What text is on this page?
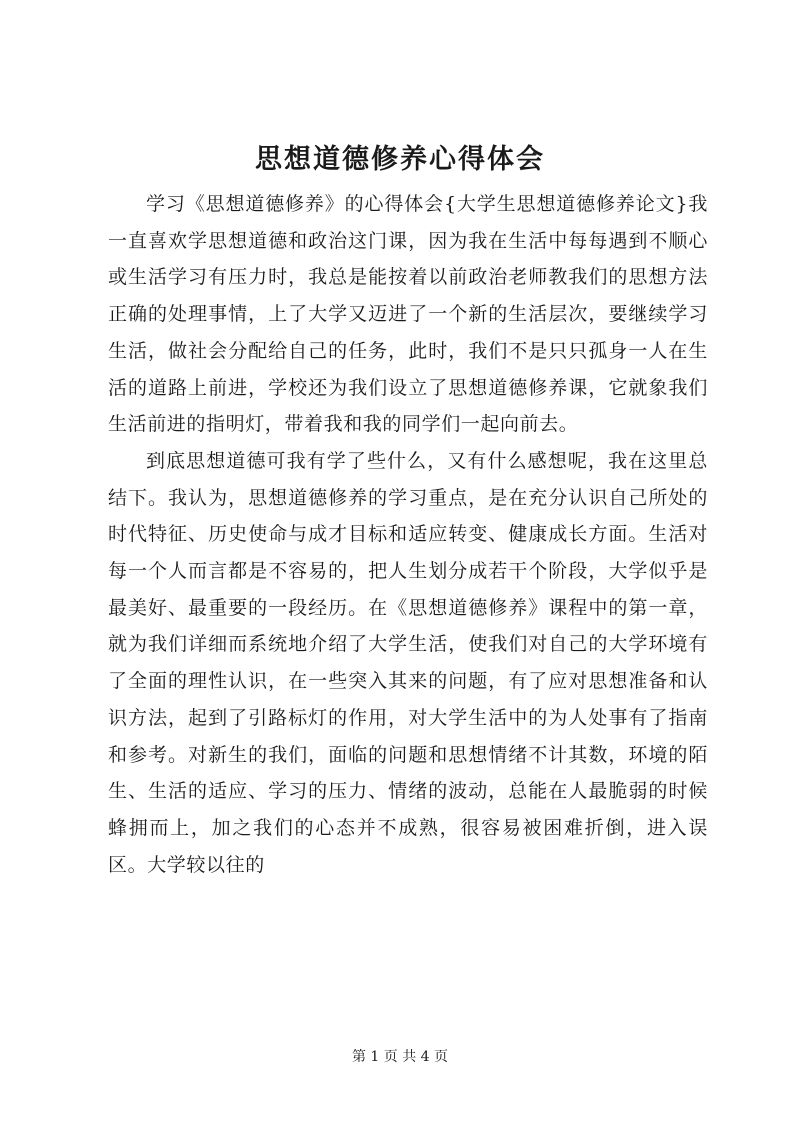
思想道德修养心得体会

学习《思想道德修养》的心得体会{大学生思想道德修养论文}我一直喜欢学思想道德和政治这门课，因为我在生活中每每遇到不顺心或生活学习有压力时，我总是能按着以前政治老师教我们的思想方法正确的处理事情，上了大学又迈进了一个新的生活层次，要继续学习生活，做社会分配给自己的任务，此时，我们不是只只孤身一人在生活的道路上前进，学校还为我们设立了思想道德修养课，它就象我们生活前进的指明灯，带着我和我的同学们一起向前去。

到底思想道德可我有学了些什么，又有什么感想呢，我在这里总结下。我认为，思想道德修养的学习重点，是在充分认识自己所处的时代特征、历史使命与成才目标和适应转变、健康成长方面。生活对每一个人而言都是不容易的，把人生划分成若干个阶段，大学似乎是最美好、最重要的一段经历。在《思想道德修养》课程中的第一章，就为我们详细而系统地介绍了大学生活，使我们对自己的大学环境有了全面的理性认识，在一些突入其来的问题，有了应对思想准备和认识方法，起到了引路标灯的作用，对大学生活中的为人处事有了指南和参考。对新生的我们，面临的问题和思想情绪不计其数，环境的陌生、生活的适应、学习的压力、情绪的波动，总能在人最脆弱的时候蜂拥而上，加之我们的心态并不成熟，很容易被困难折倒，进入误区。大学较以往的

第 1 页 共 4 页
